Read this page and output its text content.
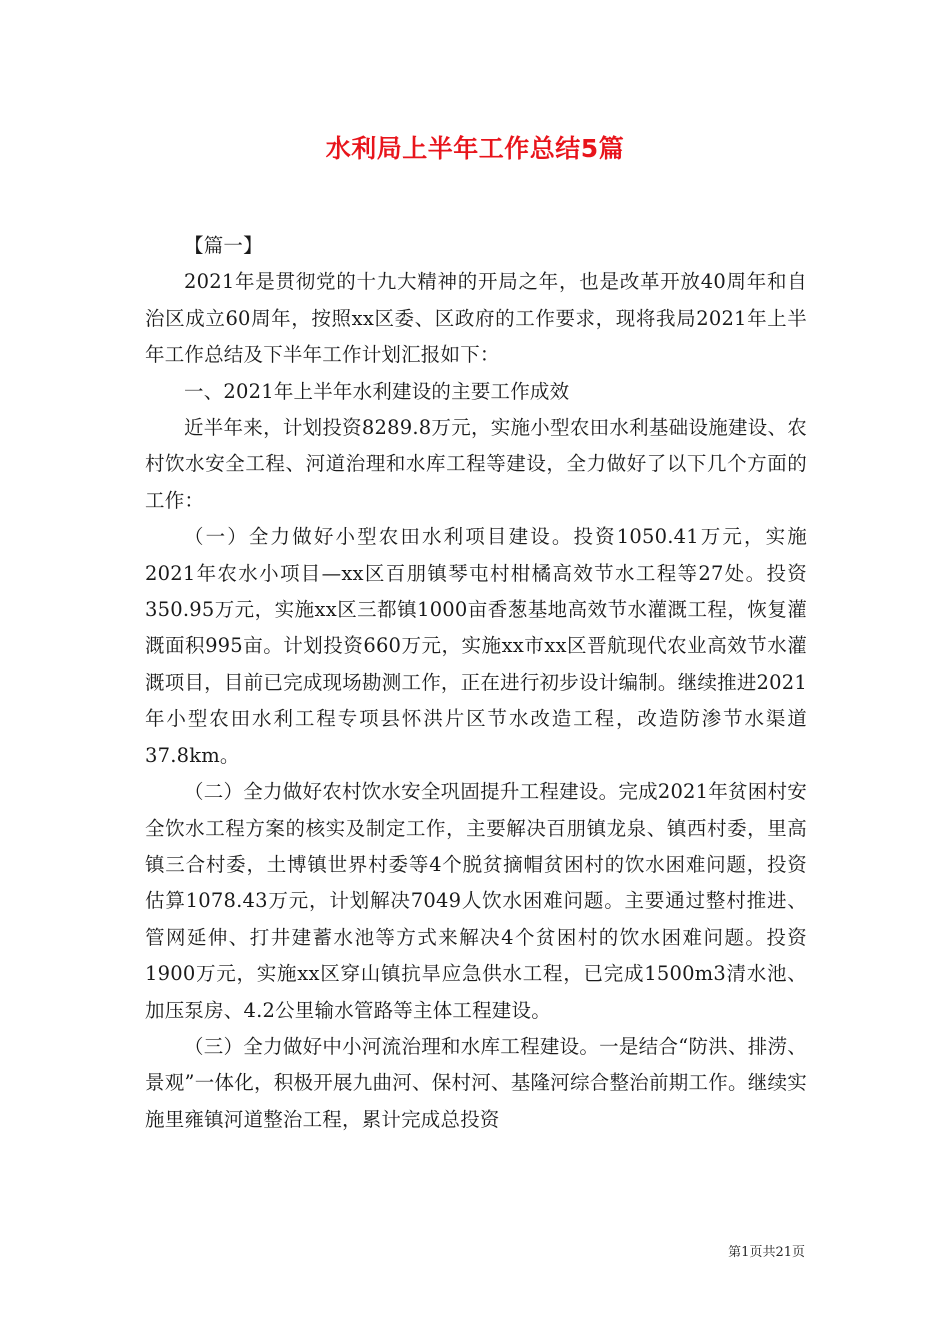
水利局上半年工作总结5篇

【篇一】

2021年是贯彻党的十九大精神的开局之年，也是改革开放40周年和自治区成立60周年，按照xx区委、区政府的工作要求，现将我局2021年上半年工作总结及下半年工作计划汇报如下：

一、2021年上半年水利建设的主要工作成效

近半年来，计划投资8289.8万元，实施小型农田水利基础设施建设、农村饮水安全工程、河道治理和水库工程等建设，全力做好了以下几个方面的工作：

（一）全力做好小型农田水利项目建设。投资1050.41万元，实施2021年农水小项目—xx区百朋镇琴屯村柑橘高效节水工程等27处。投资350.95万元，实施xx区三都镇1000亩香葱基地高效节水灌溉工程，恢复灌溉面积995亩。计划投资660万元，实施xx市xx区晋航现代农业高效节水灌溉项目，目前已完成现场勘测工作，正在进行初步设计编制。继续推进2021年小型农田水利工程专项县怀洪片区节水改造工程，改造防渗节水渠道37.8km。

（二）全力做好农村饮水安全巩固提升工程建设。完成2021年贫困村安全饮水工程方案的核实及制定工作，主要解决百朋镇龙泉、镇西村委，里高镇三合村委，土博镇世界村委等4个脱贫摘帽贫困村的饮水困难问题，投资估算1078.43万元，计划解决7049人饮水困难问题。主要通过整村推进、管网延伸、打井建蓄水池等方式来解决4个贫困村的饮水困难问题。投资1900万元，实施xx区穿山镇抗旱应急供水工程，已完成1500m3清水池、加压泵房、4.2公里输水管路等主体工程建设。

（三）全力做好中小河流治理和水库工程建设。一是结合“防洪、排涝、景观”一体化，积极开展九曲河、保村河、基隆河综合整治前期工作。继续实施里雍镇河道整治工程，累计完成总投资

第1页共21页
